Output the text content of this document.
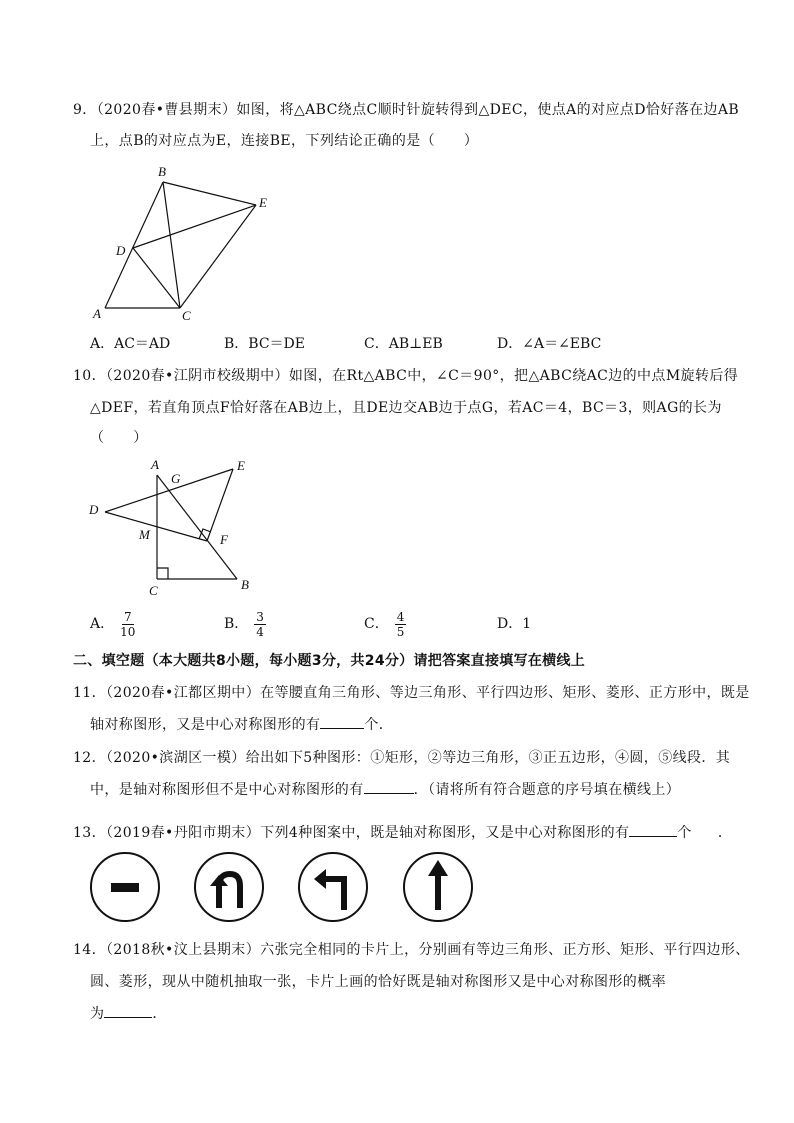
9．（2020春•曹县期末）如图，将△ABC绕点C顺时针旋转得到△DEC，使点A的对应点D恰好落在边AB
上，点B的对应点为E，连接BE，下列结论正确的是（　　）
B
E
D
A	C
A．AC＝AD	B．BC＝DE	C．AB⊥EB	D．∠A＝∠EBC
10．（2020春•江阴市校级期中）如图，在Rt△ABC中，∠C＝90°，把△ABC绕AC边的中点M旋转后得
△DEF，若直角顶点F恰好落在AB边上，且DE边交AB边于点G，若AC＝4，BC＝3，则AG的长为
（　　）
A
G
E
D
M	F
C	B
A． $\frac{7}{10}$	B． $\frac{3}{4}$	C． $\frac{4}{5}$	D．1
二、填空题（本大题共8小题，每小题3分，共24分）请把答案直接填写在横线上
11．（2020春•江都区期中）在等腰直角三角形、等边三角形、平行四边形、矩形、菱形、正方形中，既是
轴对称图形，又是中心对称图形的有	个．
12．（2020•滨湖区一模）给出如下5种图形：①矩形，②等边三角形，③正五边形，④圆，⑤线段．其
中，是轴对称图形但不是中心对称图形的有	．（请将所有符合题意的序号填在横线上）
13．（2019春•丹阳市期末）下列4种图案中，既是轴对称图形，又是中心对称图形的有	个 ．
14．（2018秋•汶上县期末）六张完全相同的卡片上，分别画有等边三角形、正方形、矩形、平行四边形、
圆、菱形，现从中随机抽取一张，卡片上画的恰好既是轴对称图形又是中心对称图形的概率
为	．
